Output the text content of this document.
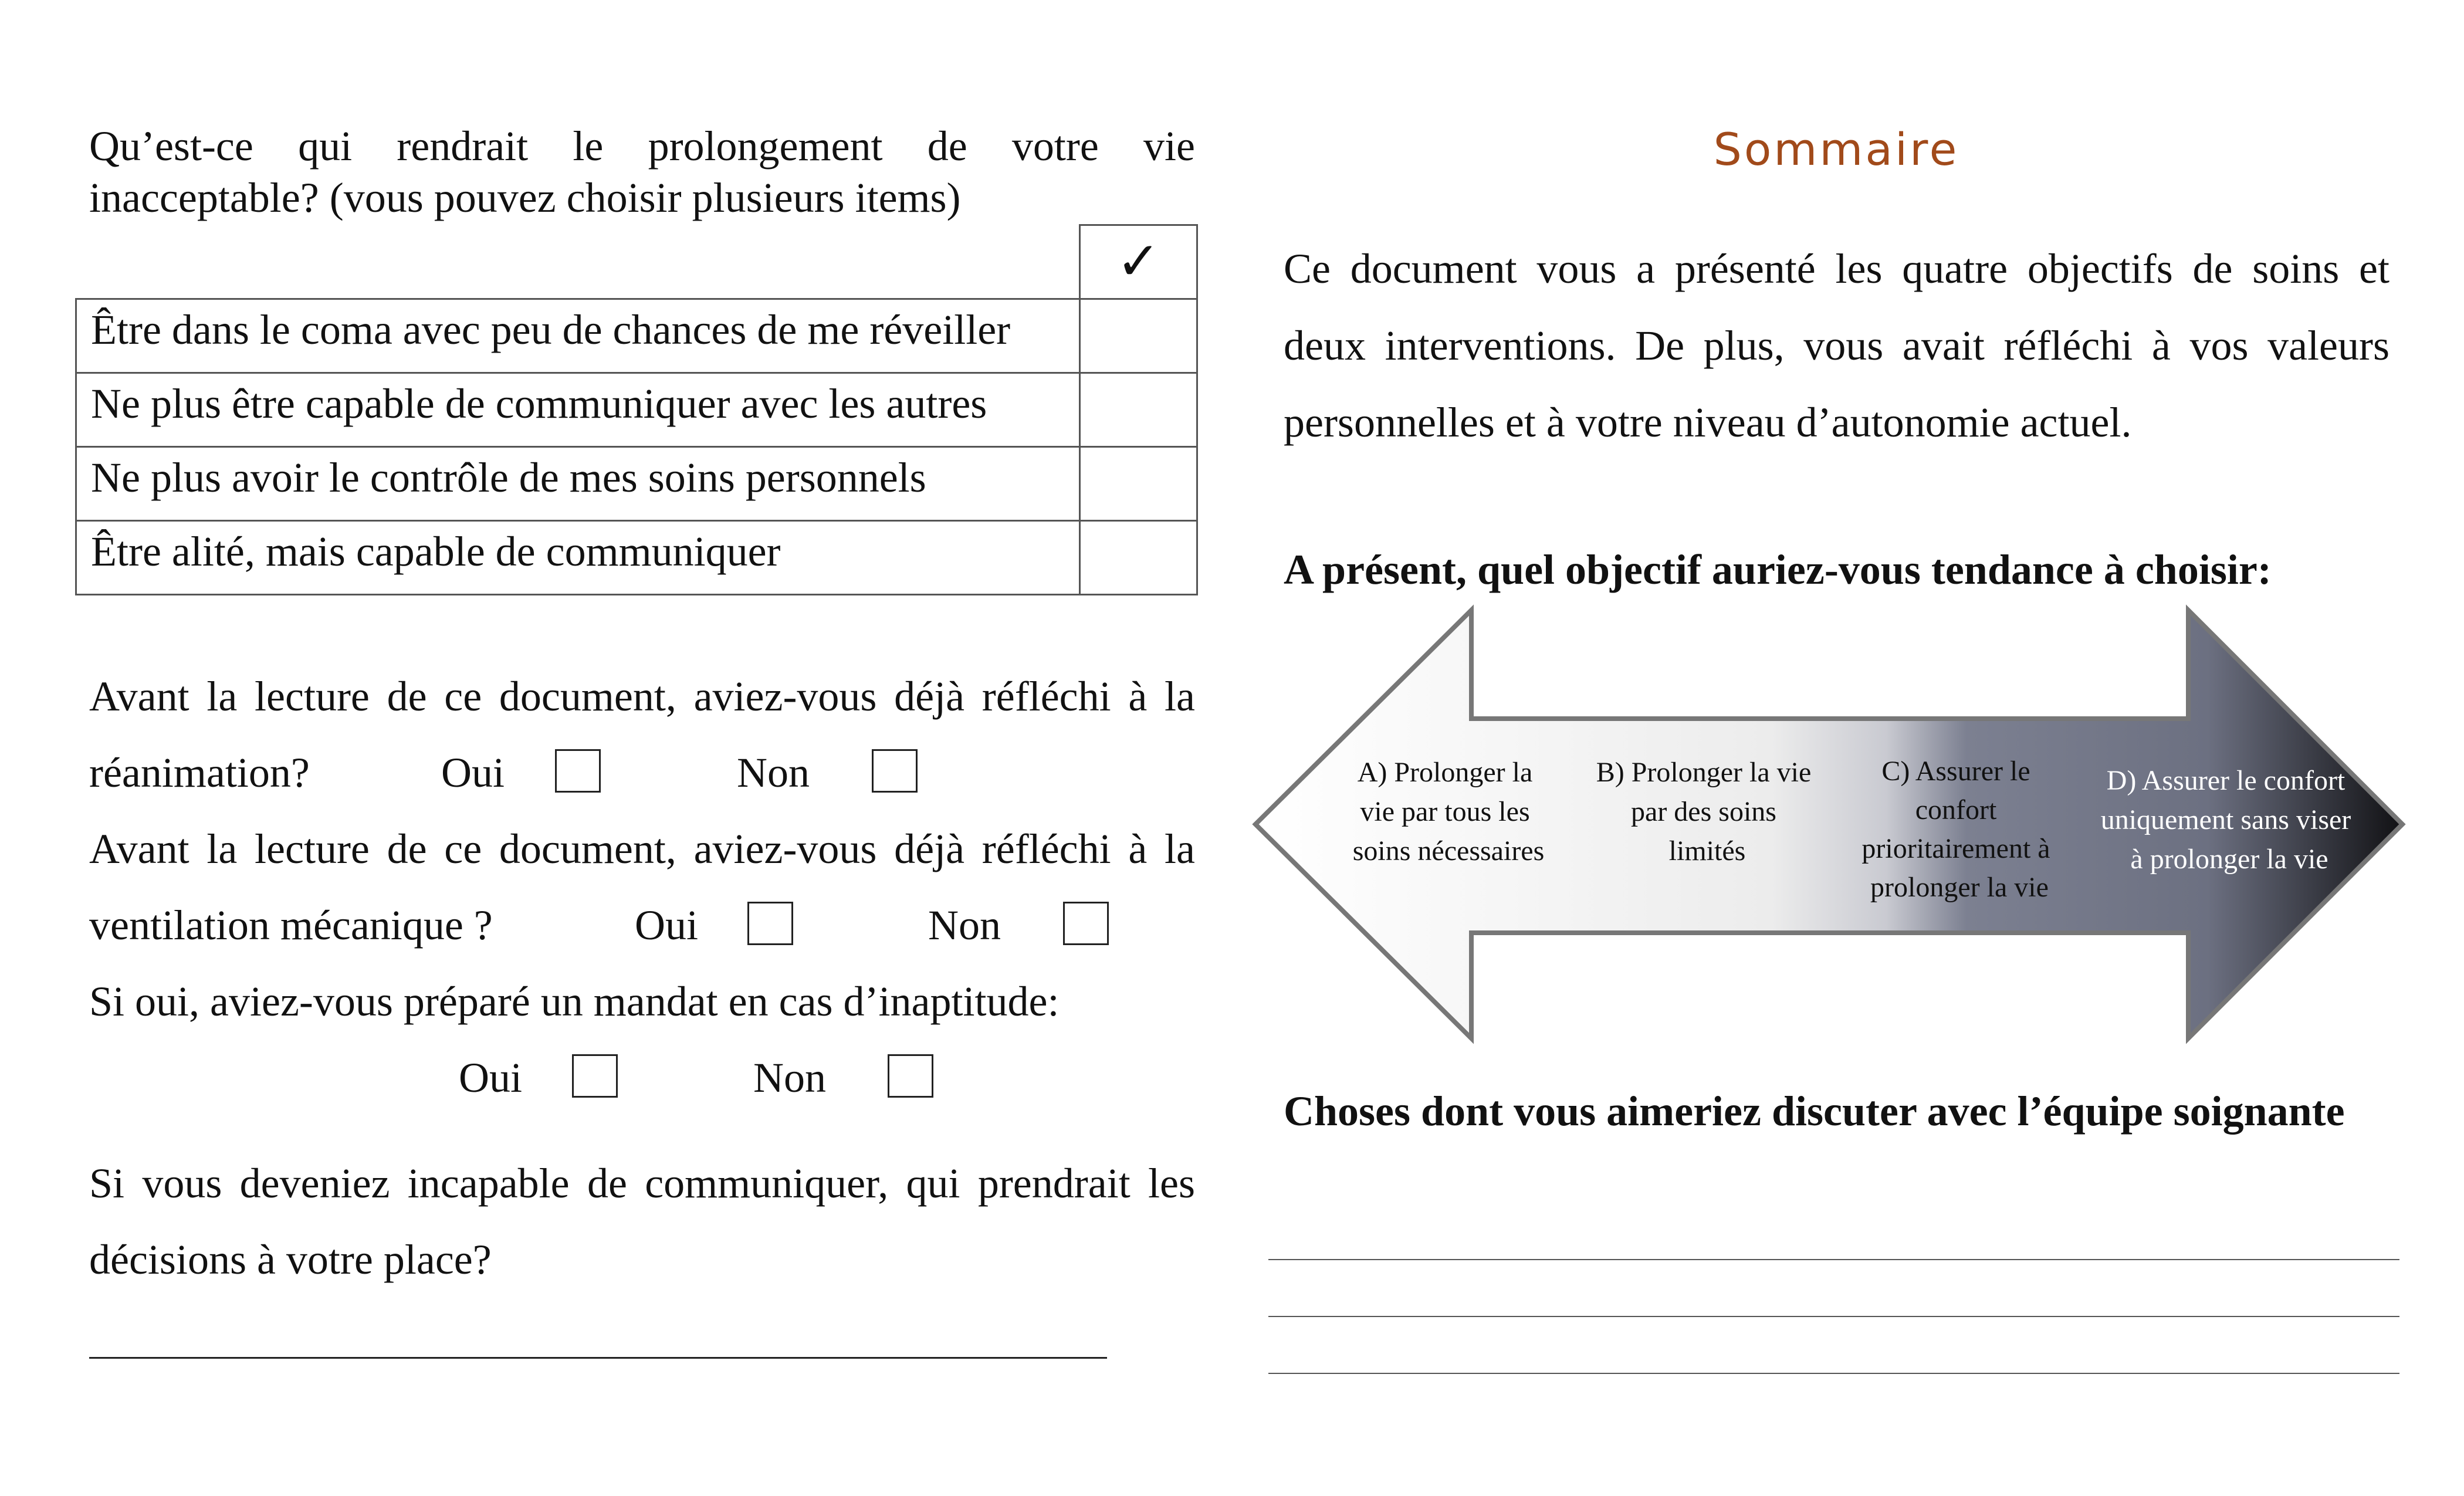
Qu’est-ce qui rendrait le prolongement de votre vie inacceptable? (vous pouvez choisir plusieurs items)
	✓
Être dans le coma avec peu de chances de me réveiller	
Ne plus être capable de communiquer avec les autres	
Ne plus avoir le contrôle de mes soins personnels	
Être alité, mais capable de communiquer	
Avant la lecture de ce document, aviez-vous déjà réfléchi à la
réanimation?	Oui	Non
Avant la lecture de ce document, aviez-vous déjà réfléchi à la
ventilation mécanique ?	Oui	Non
Si oui, aviez-vous préparé un mandat en cas d’inaptitude:
Oui	Non
Si vous deveniez incapable de communiquer, qui prendrait les décisions à votre place?
Sommaire
Ce document vous a présenté les quatre objectifs de soins et deux interventions. De plus, vous avait réfléchi à vos valeurs personnelles et à votre niveau d’autonomie actuel.
A présent, quel objectif auriez-vous tendance à choisir:
A) Prolonger la vie par tous les soins nécessaires
B) Prolonger la vie par des soins limités
C) Assurer le confort prioritairement à prolonger la vie
D) Assurer le confort uniquement sans viser à prolonger la vie
Choses dont vous aimeriez discuter avec l’équipe soignante
